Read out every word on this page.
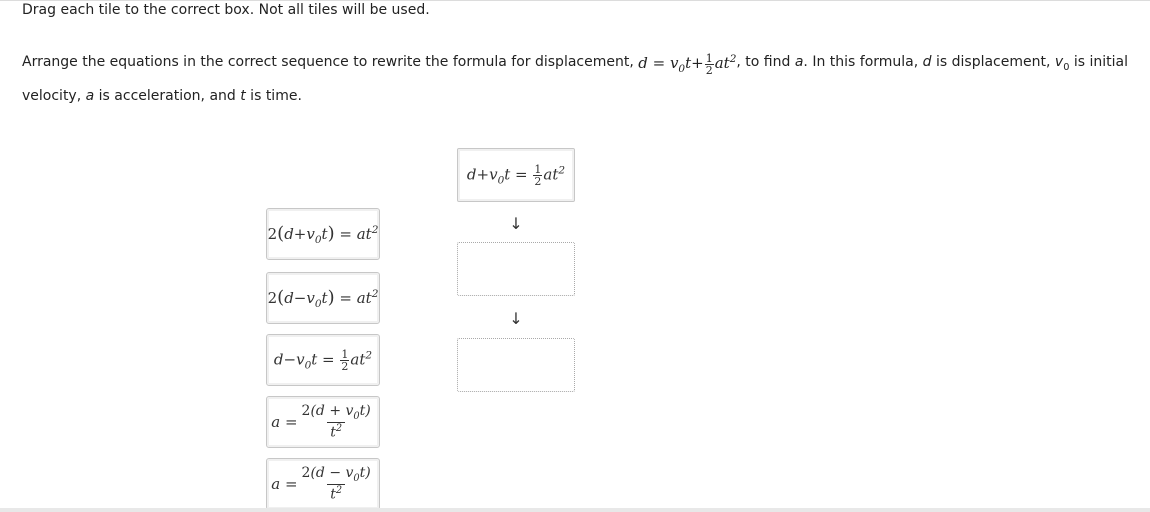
Drag each tile to the correct box. Not all tiles will be used.
Arrange the equations in the correct sequence to rewrite the formula for displacement, $d = v_0t+ \frac{1}{2} at^2$, to find a. In this formula, d is displacement, $v_0$ is initial velocity, a is acceleration, and t is time.
$2(d+v_0t) = at^2$
$2(d-v_0t) = at^2$
$d-v_0t = \frac{1}{2} at^2$
$a = \frac{2(d + v_0t)}{t^2}$
$a = \frac{2(d - v_0t)}{t^2}$
$d+v_0t = \frac{1}{2} at^2$
↓
↓
